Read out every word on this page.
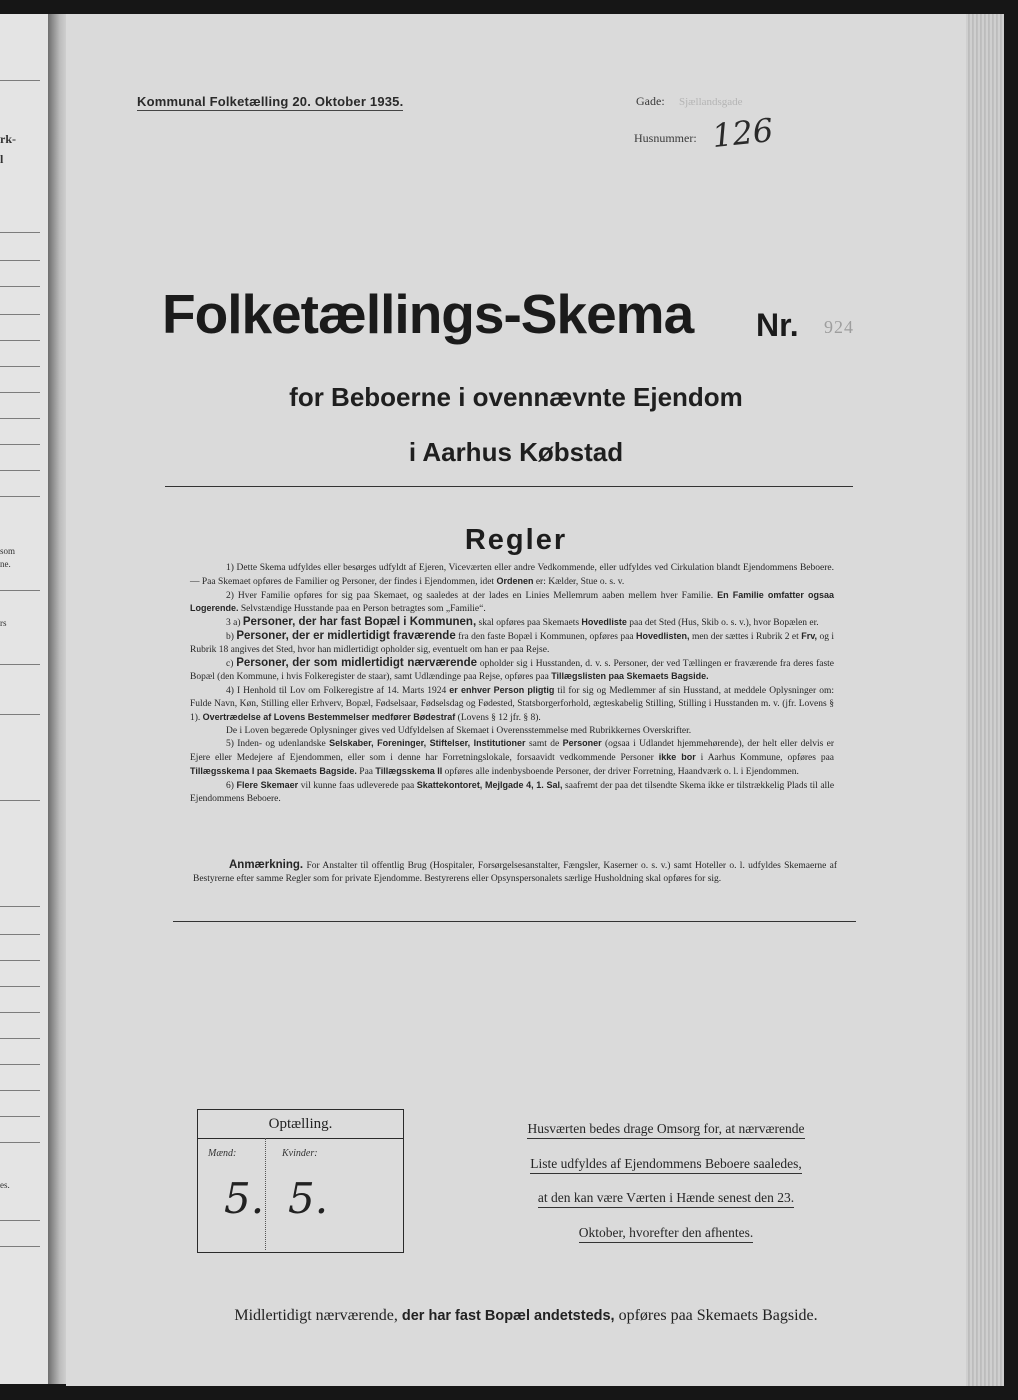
rk-
l
som
ne.
rs
es.
Kommunal Folketælling 20. Oktober 1935.	Gade: Sjællandsgade
Husnummer: 126
Folketællings-Skema Nr. 924
for Beboerne i ovennævnte Ejendom
i Aarhus Købstad
Regler

1) Dette Skema udfyldes eller besørges udfyldt af Ejeren, Viceværten eller andre Vedkommende, eller udfyldes ved Cirkulation blandt Ejendommens Beboere. — Paa Skemaet opføres de Familier og Personer, der findes i Ejendommen, idet Ordenen er: Kælder, Stue o. s. v.

2) Hver Familie opføres for sig paa Skemaet, og saaledes at der lades en Linies Mellemrum aaben mellem hver Familie. En Familie omfatter ogsaa Logerende. Selvstændige Husstande paa en Person betragtes som „Familie“.

3 a) Personer, der har fast Bopæl i Kommunen, skal opføres paa Skemaets Hovedliste paa det Sted (Hus, Skib o. s. v.), hvor Bopælen er.

b) Personer, der er midlertidigt fraværende fra den faste Bopæl i Kommunen, opføres paa Hovedlisten, men der sættes i Rubrik 2 et Frv, og i Rubrik 18 angives det Sted, hvor han midlertidigt opholder sig, eventuelt om han er paa Rejse.

c) Personer, der som midlertidigt nærværende opholder sig i Husstanden, d. v. s. Personer, der ved Tællingen er fraværende fra deres faste Bopæl (den Kommune, i hvis Folkeregister de staar), samt Udlændinge paa Rejse, opføres paa Tillægslisten paa Skemaets Bagside.

4) I Henhold til Lov om Folkeregistre af 14. Marts 1924 er enhver Person pligtig til for sig og Medlemmer af sin Husstand, at meddele Oplysninger om: Fulde Navn, Køn, Stilling eller Erhverv, Bopæl, Fødselsaar, Fødselsdag og Fødested, Statsborgerforhold, ægteskabelig Stilling, Stilling i Husstanden m. v. (jfr. Lovens § 1). Overtrædelse af Lovens Bestemmelser medfører Bødestraf (Lovens § 12 jfr. § 8).

De i Loven begærede Oplysninger gives ved Udfyldelsen af Skemaet i Overensstemmelse med Rubrikkernes Overskrifter.

5) Inden- og udenlandske Selskaber, Foreninger, Stiftelser, Institutioner samt de Personer (ogsaa i Udlandet hjemmehørende), der helt eller delvis er Ejere eller Medejere af Ejendommen, eller som i denne har Forretningslokale, forsaavidt vedkommende Personer ikke bor i Aarhus Kommune, opføres paa Tillægsskema I paa Skemaets Bagside. Paa Tillægsskema II opføres alle indenbysboende Personer, der driver Forretning, Haandværk o. l. i Ejendommen.

6) Flere Skemaer vil kunne faas udleverede paa Skattekontoret, Mejlgade 4, 1. Sal, saafremt der paa det tilsendte Skema ikke er tilstrækkelig Plads til alle Ejendommens Beboere.

Anmærkning. For Anstalter til offentlig Brug (Hospitaler, Forsørgelsesanstalter, Fængsler, Kaserner o. s. v.) samt Hoteller o. l. udfyldes Skemaerne af Bestyrerne efter samme Regler som for private Ejendomme. Bestyrerens eller Opsynspersonalets særlige Husholdning skal opføres for sig.

Optælling.
Mænd:	Kvinder:
5. 5.
Husværten bedes drage Omsorg for, at nærværende
Liste udfyldes af Ejendommens Beboere saaledes,
at den kan være Værten i Hænde senest den 23.
Oktober, hvorefter den afhentes.
Midlertidigt nærværende, der har fast Bopæl andetsteds, opføres paa Skemaets Bagside.
